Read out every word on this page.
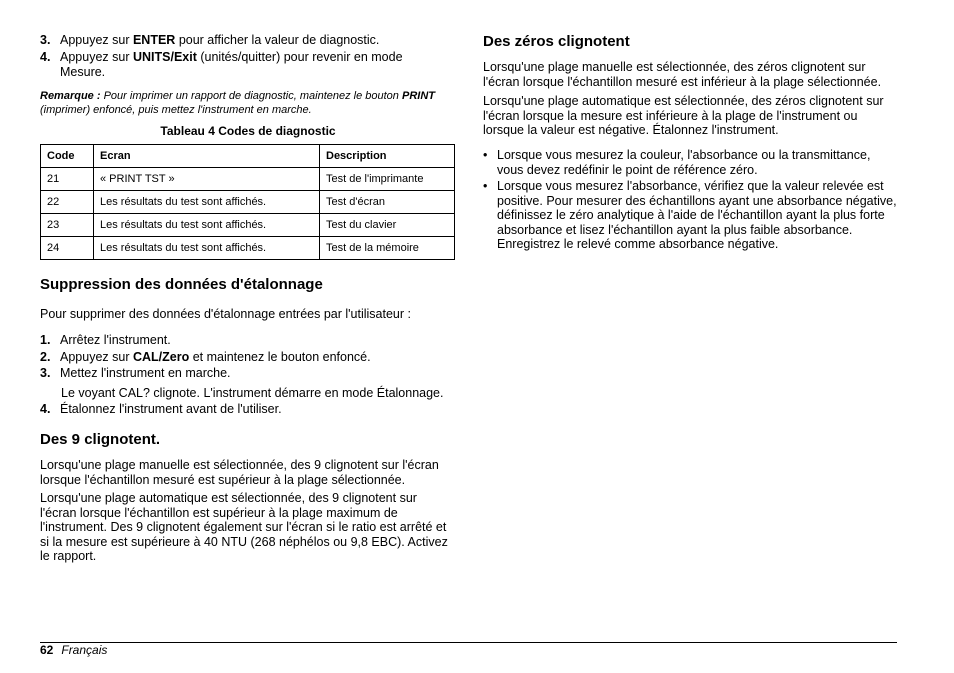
3. Appuyez sur ENTER pour afficher la valeur de diagnostic.
4. Appuyez sur UNITS/Exit (unités/quitter) pour revenir en mode Mesure.
Remarque : Pour imprimer un rapport de diagnostic, maintenez le bouton PRINT (imprimer) enfoncé, puis mettez l'instrument en marche.
Tableau 4 Codes de diagnostic
Code	Ecran	Description
21	« PRINT TST »	Test de l'imprimante
22	Les résultats du test sont affichés.	Test d'écran
23	Les résultats du test sont affichés.	Test du clavier
24	Les résultats du test sont affichés.	Test de la mémoire
Suppression des données d'étalonnage
Pour supprimer des données d'étalonnage entrées par l'utilisateur :
1. Arrêtez l'instrument.
2. Appuyez sur CAL/Zero et maintenez le bouton enfoncé.
3. Mettez l'instrument en marche.
Le voyant CAL? clignote. L'instrument démarre en mode Étalonnage.
4. Étalonnez l'instrument avant de l'utiliser.
Des 9 clignotent.
Lorsqu'une plage manuelle est sélectionnée, des 9 clignotent sur l'écran lorsque l'échantillon mesuré est supérieur à la plage sélectionnée.
Lorsqu'une plage automatique est sélectionnée, des 9 clignotent sur l'écran lorsque l'échantillon est supérieur à la plage maximum de l'instrument. Des 9 clignotent également sur l'écran si le ratio est arrêté et si la mesure est supérieure à 40 NTU (268 néphélos ou 9,8 EBC). Activez le rapport.
Des zéros clignotent
Lorsqu'une plage manuelle est sélectionnée, des zéros clignotent sur l'écran lorsque l'échantillon mesuré est inférieur à la plage sélectionnée.
Lorsqu'une plage automatique est sélectionnée, des zéros clignotent sur l'écran lorsque la mesure est inférieure à la plage de l'instrument ou lorsque la valeur est négative. Étalonnez l'instrument.
• Lorsque vous mesurez la couleur, l'absorbance ou la transmittance, vous devez redéfinir le point de référence zéro.
• Lorsque vous mesurez l'absorbance, vérifiez que la valeur relevée est positive. Pour mesurer des échantillons ayant une absorbance négative, définissez le zéro analytique à l'aide de l'échantillon ayant la plus forte absorbance et lisez l'échantillon ayant la plus faible absorbance. Enregistrez le relevé comme absorbance négative.
62 Français
